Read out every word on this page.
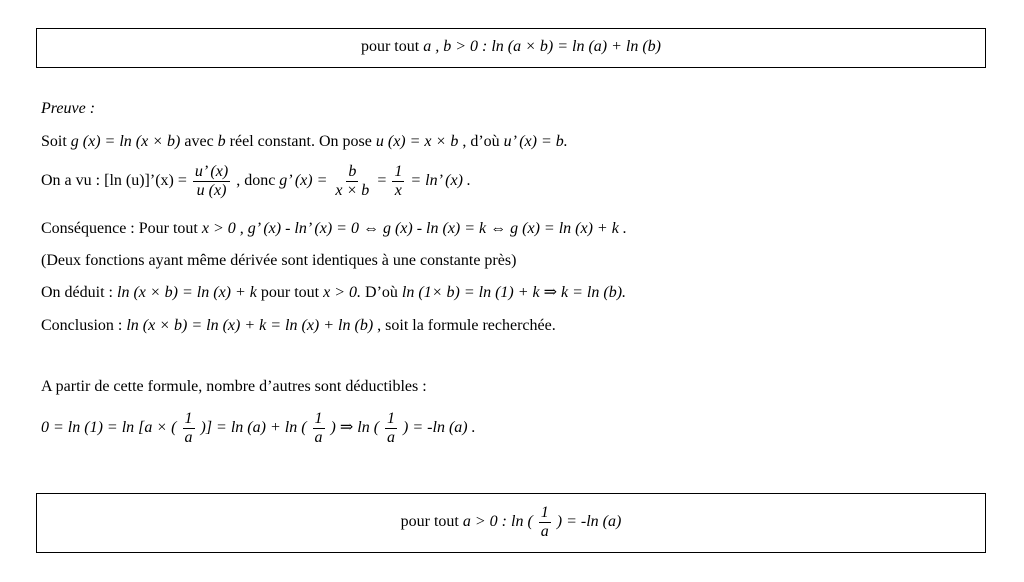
pour tout a , b > 0 : ln (a × b) = ln (a) + ln (b)
Preuve :
Soit g (x) = ln (x × b) avec b réel constant. On pose u (x) = x × b , d’où u’ (x) = b.
On a vu : [ln (u)]’(x) = $\frac{u’ (x)}{u (x)}$ , donc g’ $(x) = \frac{b}{x \times b} = \frac{1}{x} = \ln$’ (x) .
Conséquence : Pour tout x > 0 , g’ (x) - ln’ (x) = 0 ⇔ g (x) - ln (x) = k ⇔ g (x) = ln (x) + k .
(Deux fonctions ayant même dérivée sont identiques à une constante près)
On déduit : ln (x × b) = ln (x) + k pour tout x > 0. D’où ln (1× b) = ln (1) + k ⇒ k = ln (b).
Conclusion : ln (x × b) = ln (x) + k = ln (x) + ln (b) , soit la formule recherchée.
A partir de cette formule, nombre d’autres sont déductibles :
0 = ln (1) = ln [a × ( $\frac{1}{a}$ )] = ln (a) + ln ( $\frac{1}{a}$ ) ⇒ ln ( $\frac{1}{a}$ ) = -ln (a) .
pour tout a > 0 : ln ( $\frac{1}{a}$ ) = -ln (a)
